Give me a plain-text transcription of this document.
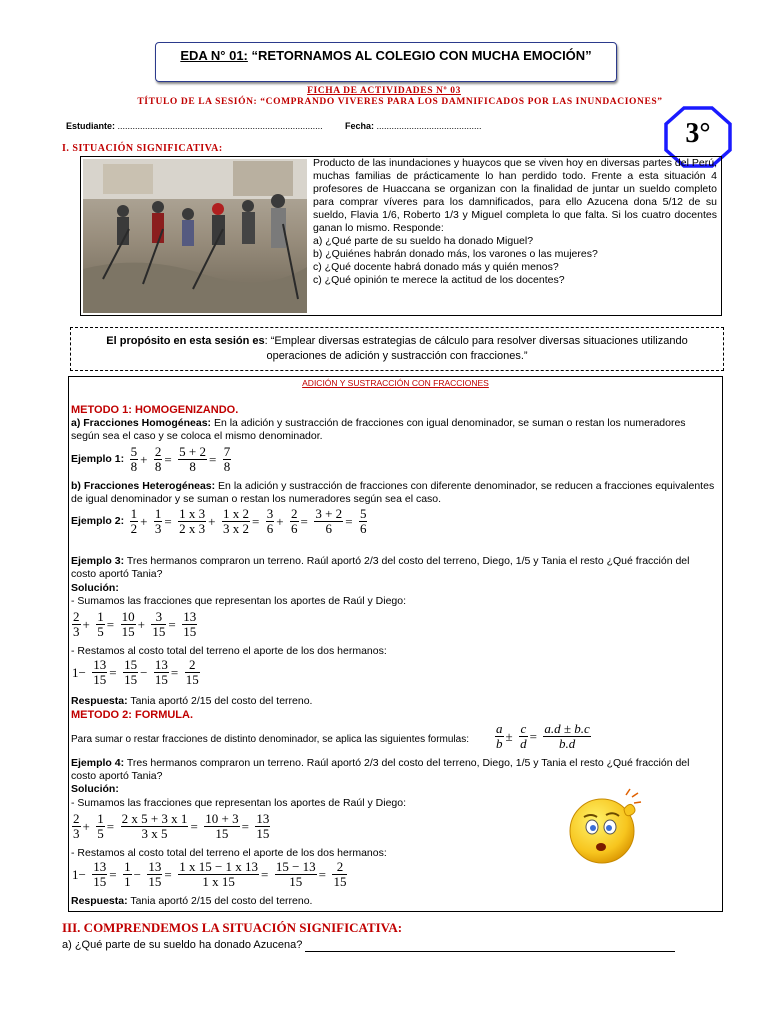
EDA N° 01: “RETORNAMOS AL COLEGIO CON MUCHA EMOCIÓN”
FICHA DE ACTIVIDADES Nº 03
TÍTULO DE LA SESIÓN: “COMPRANDO VIVERES PARA LOS DAMNIFICADOS POR LAS INUNDACIONES”
Estudiante: .................................................................................. Fecha: ..........................................	3°
I. SITUACIÓN SIGNIFICATIVA:
Producto de las inundaciones y huaycos que se viven hoy en diversas partes del Perú, muchas familias de prácticamente lo han perdido todo. Frente a esta situación 4 profesores de Huaccana se organizan con la finalidad de juntar un sueldo completo para comprar víveres para los damnificados, para ello Azucena dona 5/12 de su sueldo, Flavia 1/6, Roberto 1/3 y Miguel completa lo que falta. Si los cuatro docentes ganan lo mismo. Responde:
a) ¿Qué parte de su sueldo ha donado Miguel?
b) ¿Quiénes habrán donado más, los varones o las mujeres?
c) ¿Qué docente habrá donado más y quién menos?
c) ¿Qué opinión te merece la actitud de los docentes?
El propósito en esta sesión es: “Emplear diversas estrategias de cálculo para resolver diversas situaciones utilizando operaciones de adición y sustracción con fracciones.”
ADICIÓN Y SUSTRACCIÓN CON FRACCIONES
METODO 1: HOMOGENIZANDO.
a) Fracciones Homogéneas: En la adición y sustracción de fracciones con igual denominador, se suman o restan los numeradores según sea el caso y se coloca el mismo denominador.
Ejemplo 1: $\frac{5}{8} + \frac{2}{8} = \frac{5 + 2}{8} = \frac{7}{8}$
b) Fracciones Heterogéneas: En la adición y sustracción de fracciones con diferente denominador, se reducen a fracciones equivalentes de igual denominador y se suman o restan los numeradores según sea el caso.
Ejemplo 2: $\frac{1}{2} + \frac{1}{3} = \frac{1 x 3}{2 x 3} + \frac{1 x 2}{3 x 2} = \frac{3}{6} + \frac{2}{6} = \frac{3 + 2}{6} = \frac{5}{6}$
Ejemplo 3: Tres hermanos compraron un terreno. Raúl aportó 2/3 del costo del terreno, Diego, 1/5 y Tania el resto ¿Qué fracción del costo aportó Tania?
Solución:
- Sumamos las fracciones que representan los aportes de Raúl y Diego:
$\frac{2}{3} + \frac{1}{5} = \frac{10}{15} + \frac{3}{15} = \frac{13}{15}$
- Restamos al costo total del terreno el aporte de los dos hermanos:
$1- \frac{13}{15} = \frac{15}{15} - \frac{13}{15} = \frac{2}{15}$
Respuesta: Tania aportó 2/15 del costo del terreno.
METODO 2: FORMULA.
Para sumar o restar fracciones de distinto denominador, se aplica las siguientes formulas: $\frac{a}{b} \pm \frac{c}{d} = \frac{a.d \pm b.c}{b.d}$
Ejemplo 4: Tres hermanos compraron un terreno. Raúl aportó 2/3 del costo del terreno, Diego, 1/5 y Tania el resto ¿Qué fracción del costo aportó Tania?
Solución:
- Sumamos las fracciones que representan los aportes de Raúl y Diego:
$\frac{2}{3} + \frac{1}{5} = \frac{2 x 5 + 3 x 1}{3 x 5} = \frac{10 + 3}{15} = \frac{13}{15}$
- Restamos al costo total del terreno el aporte de los dos hermanos:
$1- \frac{13}{15} = \frac{1}{1} - \frac{13}{15} = \frac{1 x 15 - 1 x 13}{1 x 15} = \frac{15 - 13}{15} = \frac{2}{15}$
Respuesta: Tania aportó 2/15 del costo del terreno.
III. COMPRENDEMOS LA SITUACIÓN SIGNIFICATIVA:
a) ¿Qué parte de su sueldo ha donado Azucena?
